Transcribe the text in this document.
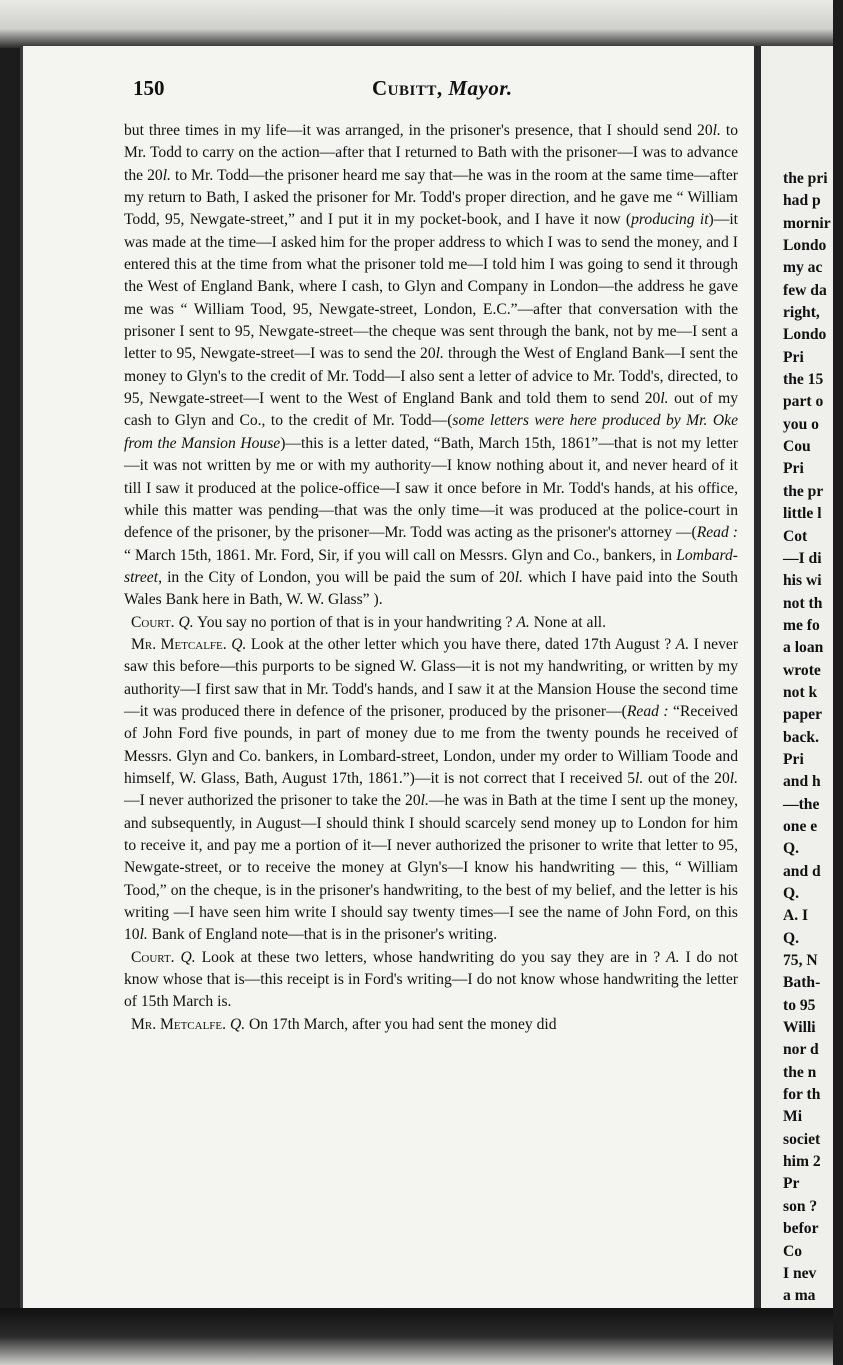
the pri
had p
mornir
Londo
my ac
few da
right,
Londo
Pri
the 15
part o
you o
Cou
Pri
the pr
little l
Cot
—I di
his wi
not th
me fo
a loan
wrote
not k
paper
back.
Pri
and h
—the
one e
Q.
and d
Q.
A. I
Q.
75, N
Bath-
to 95
Willi
nor d
the n
for th
Mi
societ
him 2
Pr
son ?
befor
Co
I nev
a ma
150	Cubitt, Mayor.

but three times in my life—it was arranged, in the prisoner's presence, that I should send 20l. to Mr. Todd to carry on the action—after that I returned to Bath with the prisoner—I was to advance the 20l. to Mr. Todd—the prisoner heard me say that—he was in the room at the same time—after my return to Bath, I asked the prisoner for Mr. Todd's proper direction, and he gave me “ William Todd, 95, Newgate-street,” and I put it in my pocket-book, and I have it now (producing it)—it was made at the time—I asked him for the proper address to which I was to send the money, and I entered this at the time from what the prisoner told me—I told him I was going to send it through the West of England Bank, where I cash, to Glyn and Company in London—the address he gave me was “ William Tood, 95, Newgate-street, London, E.C.”—after that conversation with the prisoner I sent to 95, Newgate-street—the cheque was sent through the bank, not by me—I sent a letter to 95, Newgate-street—I was to send the 20l. through the West of England Bank—I sent the money to Glyn's to the credit of Mr. Todd—I also sent a letter of advice to Mr. Todd's, directed, to 95, Newgate-street—I went to the West of England Bank and told them to send 20l. out of my cash to Glyn and Co., to the credit of Mr. Todd—(some letters were here produced by Mr. Oke from the Mansion House)—this is a letter dated, “Bath, March 15th, 1861”—that is not my letter—it was not written by me or with my authority—I know nothing about it, and never heard of it till I saw it produced at the police-office—I saw it once before in Mr. Todd's hands, at his office, while this matter was pending—that was the only time—it was produced at the police-court in defence of the prisoner, by the prisoner—Mr. Todd was acting as the prisoner's attorney —(Read : “ March 15th, 1861. Mr. Ford, Sir, if you will call on Messrs. Glyn and Co., bankers, in Lombard-street, in the City of London, you will be paid the sum of 20l. which I have paid into the South Wales Bank here in Bath, W. W. Glass” ).

Court. Q. You say no portion of that is in your handwriting ? A. None at all.

Mr. Metcalfe. Q. Look at the other letter which you have there, dated 17th August ? A. I never saw this before—this purports to be signed W. Glass—it is not my handwriting, or written by my authority—I first saw that in Mr. Todd's hands, and I saw it at the Mansion House the second time—it was produced there in defence of the prisoner, produced by the prisoner—(Read : “Received of John Ford five pounds, in part of money due to me from the twenty pounds he received of Messrs. Glyn and Co. bankers, in Lombard-street, London, under my order to William Toode and himself, W. Glass, Bath, August 17th, 1861.”)—it is not correct that I received 5l. out of the 20l.—I never authorized the prisoner to take the 20l.—he was in Bath at the time I sent up the money, and subsequently, in August—I should think I should scarcely send money up to London for him to receive it, and pay me a portion of it—I never authorized the prisoner to write that letter to 95, Newgate-street, or to receive the money at Glyn's—I know his handwriting — this, “ William Tood,” on the cheque, is in the prisoner's handwriting, to the best of my belief, and the letter is his writing —I have seen him write I should say twenty times—I see the name of John Ford, on this 10l. Bank of England note—that is in the prisoner's writing.

Court. Q. Look at these two letters, whose handwriting do you say they are in ? A. I do not know whose that is—this receipt is in Ford's writing—I do not know whose handwriting the letter of 15th March is.

Mr. Metcalfe. Q. On 17th March, after you had sent the money did
